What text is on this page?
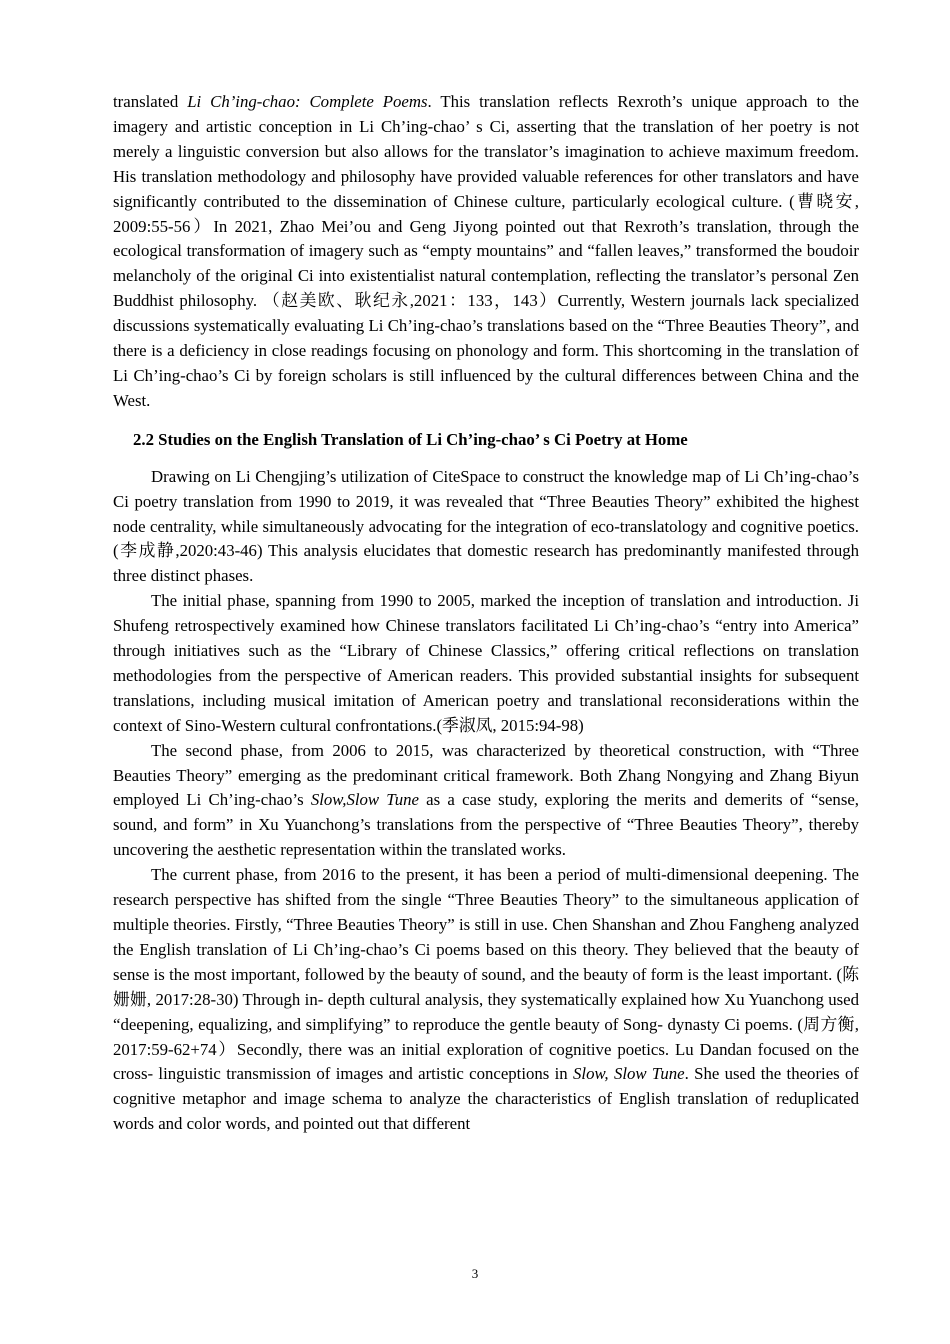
translated Li Ch’ing-chao: Complete Poems. This translation reflects Rexroth’s unique approach to the imagery and artistic conception in Li Ch’ing-chao’ s Ci, asserting that the translation of her poetry is not merely a linguistic conversion but also allows for the translator’s imagination to achieve maximum freedom. His translation methodology and philosophy have provided valuable references for other translators and have significantly contributed to the dissemination of Chinese culture, particularly ecological culture. (曹晓安, 2009:55-56）In 2021, Zhao Mei’ou and Geng Jiyong pointed out that Rexroth’s translation, through the ecological transformation of imagery such as “empty mountains” and “fallen leaves,” transformed the boudoir melancholy of the original Ci into existentialist natural contemplation, reflecting the translator’s personal Zen Buddhist philosophy. （赵美欧、耿纪永,2021：133，143）Currently, Western journals lack specialized discussions systematically evaluating Li Ch’ing-chao’s translations based on the “Three Beauties Theory”, and there is a deficiency in close readings focusing on phonology and form. This shortcoming in the translation of Li Ch’ing-chao’s Ci by foreign scholars is still influenced by the cultural differences between China and the West.

2.2 Studies on the English Translation of Li Ch’ing-chao’ s Ci Poetry at Home

Drawing on Li Chengjing’s utilization of CiteSpace to construct the knowledge map of Li Ch’ing-chao’s Ci poetry translation from 1990 to 2019, it was revealed that “Three Beauties Theory” exhibited the highest node centrality, while simultaneously advocating for the integration of eco-translatology and cognitive poetics. (李成静,2020:43-46) This analysis elucidates that domestic research has predominantly manifested through three distinct phases.

The initial phase, spanning from 1990 to 2005, marked the inception of translation and introduction. Ji Shufeng retrospectively examined how Chinese translators facilitated Li Ch’ing-chao’s “entry into America” through initiatives such as the “Library of Chinese Classics,” offering critical reflections on translation methodologies from the perspective of American readers. This provided substantial insights for subsequent translations, including musical imitation of American poetry and translational reconsiderations within the context of Sino-Western cultural confrontations.(季淑凤, 2015:94-98)

The second phase, from 2006 to 2015, was characterized by theoretical construction, with “Three Beauties Theory” emerging as the predominant critical framework. Both Zhang Nongying and Zhang Biyun employed Li Ch’ing-chao’s Slow,Slow Tune as a case study, exploring the merits and demerits of “sense, sound, and form” in Xu Yuanchong’s translations from the perspective of “Three Beauties Theory”, thereby uncovering the aesthetic representation within the translated works.

The current phase, from 2016 to the present, it has been a period of multi-dimensional deepening. The research perspective has shifted from the single “Three Beauties Theory” to the simultaneous application of multiple theories. Firstly, “Three Beauties Theory” is still in use. Chen Shanshan and Zhou Fangheng analyzed the English translation of Li Ch’ing-chao’s Ci poems based on this theory. They believed that the beauty of sense is the most important, followed by the beauty of sound, and the beauty of form is the least important. (陈姗姗, 2017:28-30) Through in- depth cultural analysis, they systematically explained how Xu Yuanchong used “deepening, equalizing, and simplifying” to reproduce the gentle beauty of Song- dynasty Ci poems. (周方衡, 2017:59-62+74）Secondly, there was an initial exploration of cognitive poetics. Lu Dandan focused on the cross- linguistic transmission of images and artistic conceptions in Slow, Slow Tune. She used the theories of cognitive metaphor and image schema to analyze the characteristics of English translation of reduplicated words and color words, and pointed out that different

3
